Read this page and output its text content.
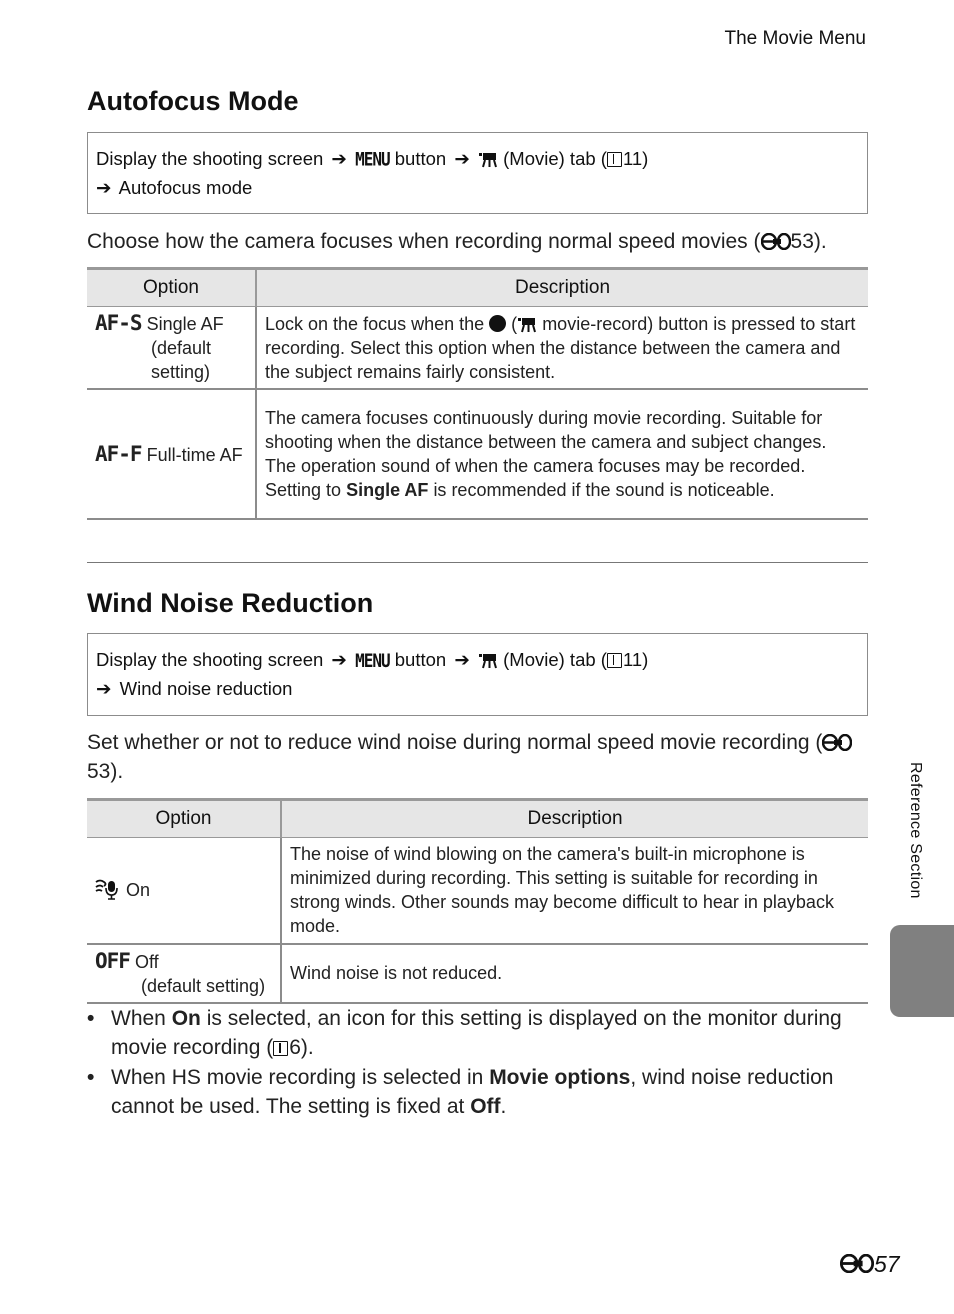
The Movie Menu
Autofocus Mode
Display the shooting screen ➔ MENU button ➔ (Movie) tab ( 11)
➔ Autofocus mode
Choose how the camera focuses when recording normal speed movies ( 53).
Option	Description
AF-S Single AF
(default setting)	Lock on the focus when the  ( movie-record) button is pressed to start recording. Select this option when the distance between the camera and the subject remains fairly consistent.
AF-F Full-time AF	The camera focuses continuously during movie recording. Suitable for shooting when the distance between the camera and subject changes. The operation sound of when the camera focuses may be recorded. Setting to Single AF is recommended if the sound is noticeable.
Wind Noise Reduction
Display the shooting screen ➔ MENU button ➔ (Movie) tab ( 11)
➔ Wind noise reduction
Set whether or not to reduce wind noise during normal speed movie recording (53).
Option	Description
On	The noise of wind blowing on the camera's built-in microphone is minimized during recording. This setting is suitable for recording in strong winds. Other sounds may become difficult to hear in playback mode.
OFF Off
(default setting)	Wind noise is not reduced.
• When On is selected, an icon for this setting is displayed on the monitor during movie recording ( 6).
• When HS movie recording is selected in Movie options, wind noise reduction cannot be used. The setting is fixed at Off.
Reference Section
57
